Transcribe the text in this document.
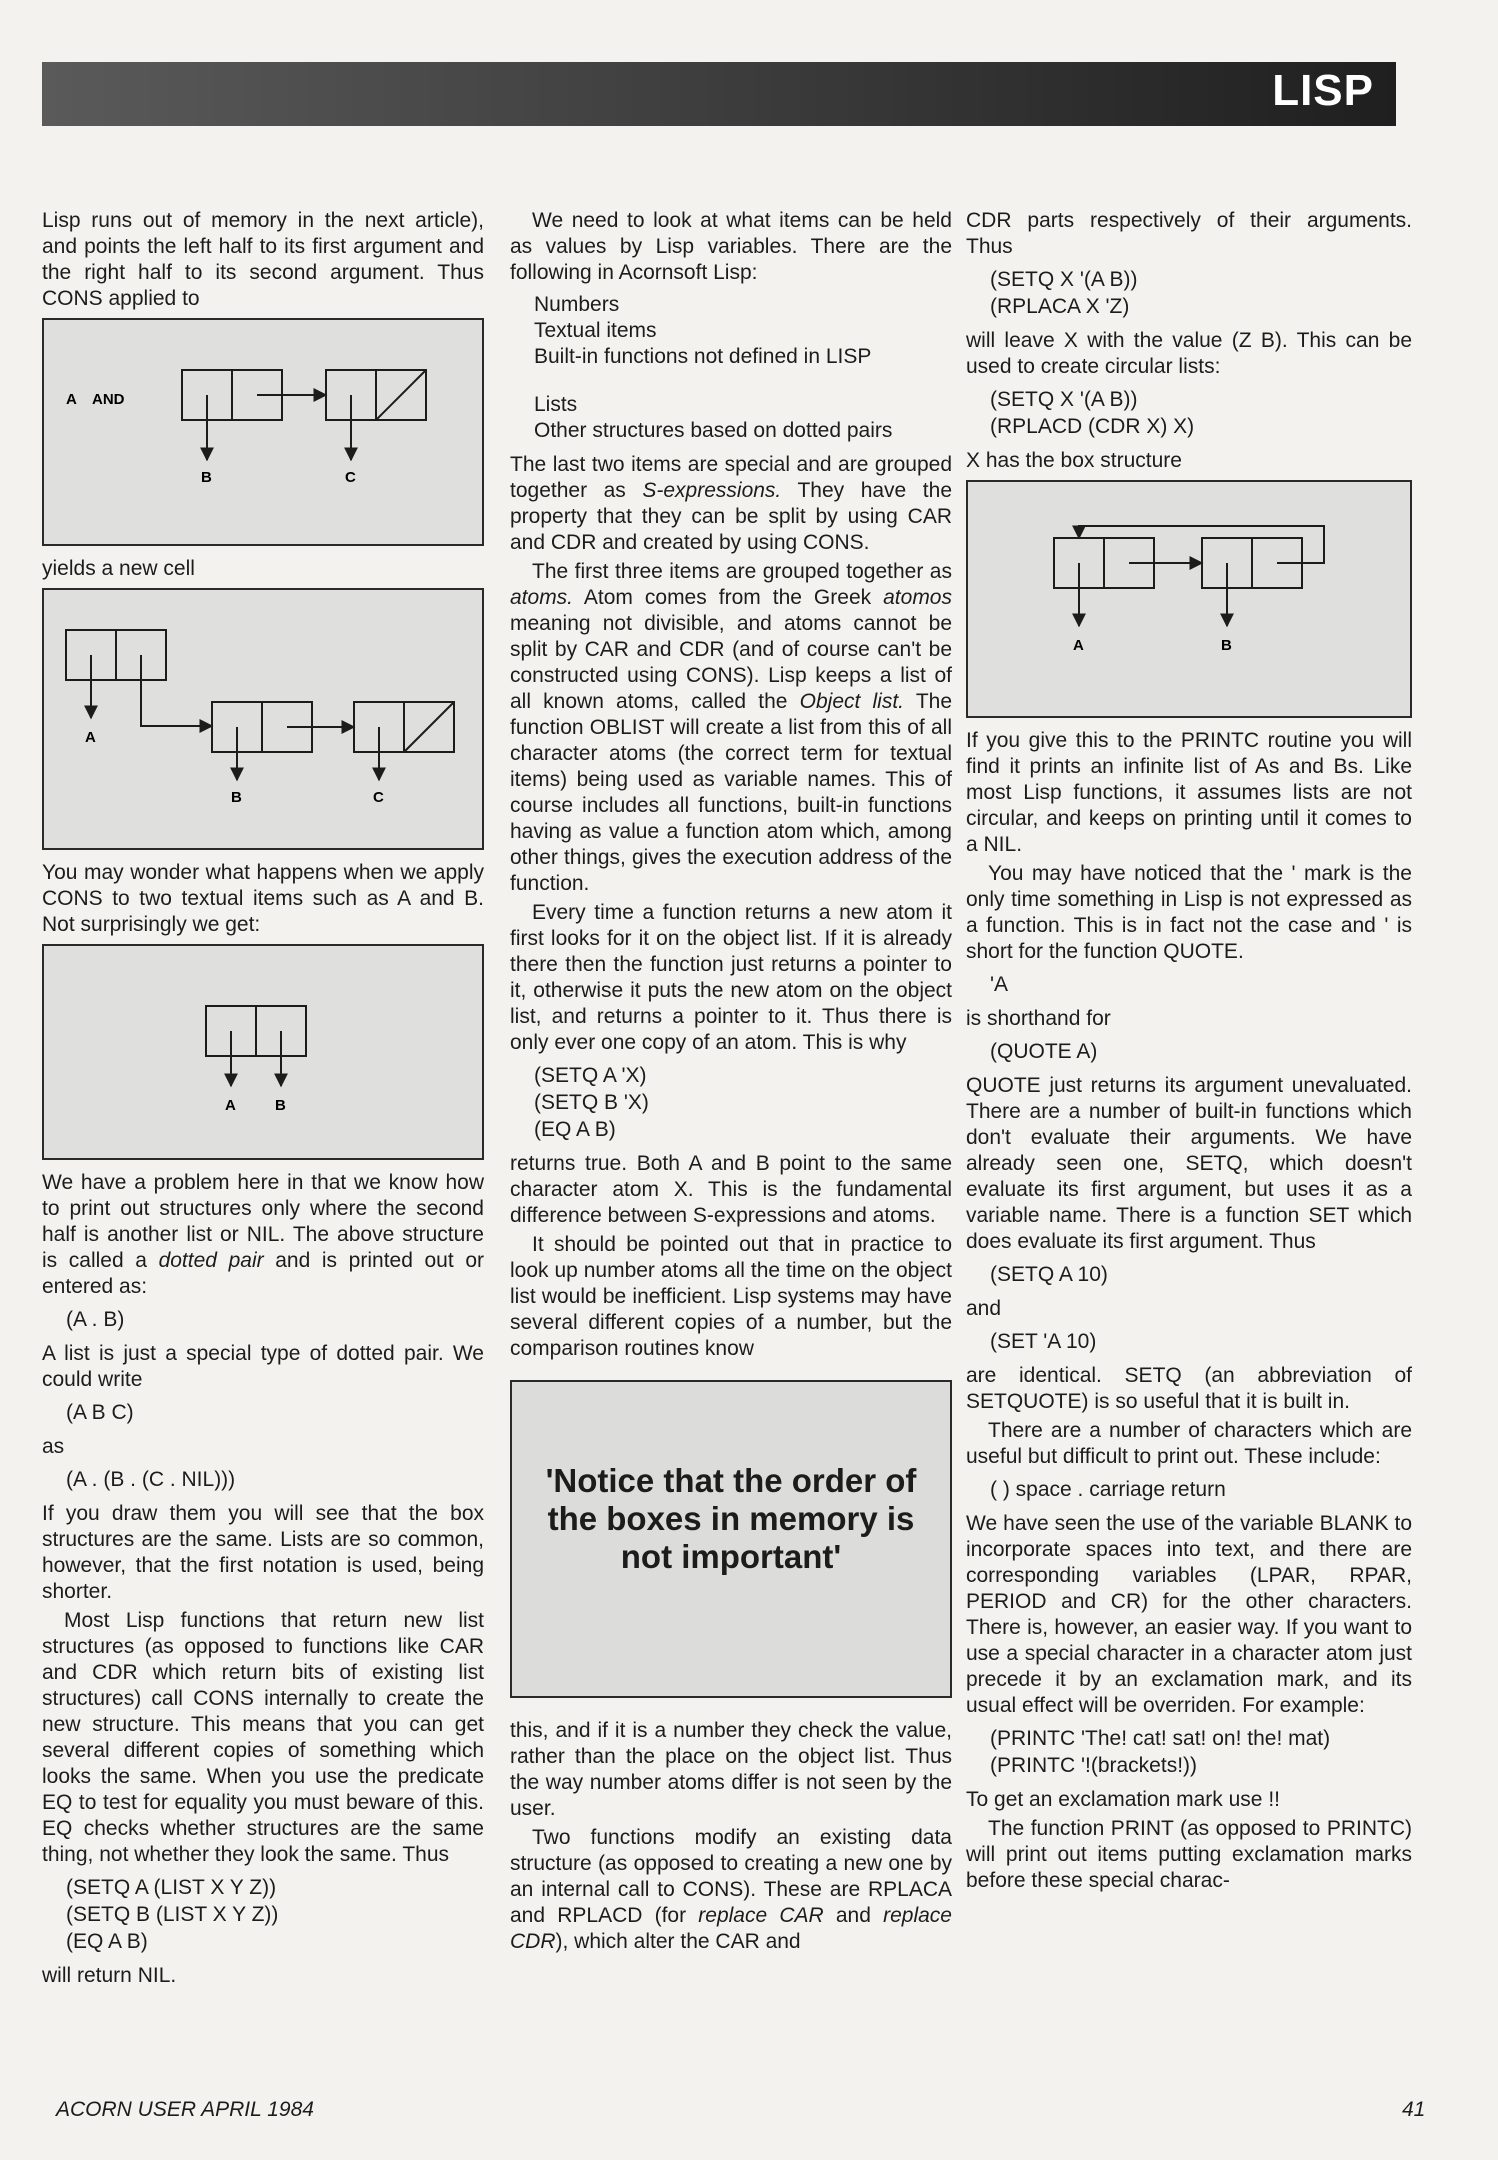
LISP

Lisp runs out of memory in the next article), and points the left half to its first argument and the right half to its second argument. Thus CONS applied to

A AND
B	C

yields a new cell

A
B	C

You may wonder what happens when we apply CONS to two textual items such as A and B. Not surprisingly we get:

A	B

We have a problem here in that we know how to print out structures only where the second half is another list or NIL. The above structure is called a dotted pair and is printed out or entered as:

(A . B)

A list is just a special type of dotted pair. We could write

(A B C)

as

(A . (B . (C . NIL)))

If you draw them you will see that the box structures are the same. Lists are so common, however, that the first notation is used, being shorter.

Most Lisp functions that return new list structures (as opposed to functions like CAR and CDR which return bits of existing list structures) call CONS internally to create the new structure. This means that you can get several different copies of something which looks the same. When you use the predicate EQ to test for equality you must beware of this. EQ checks whether structures are the same thing, not whether they look the same. Thus

(SETQ A (LIST X Y Z))
(SETQ B (LIST X Y Z))
(EQ A B)

will return NIL.

We need to look at what items can be held as values by Lisp variables. There are the following in Acornsoft Lisp:

Numbers
Textual items
Built-in functions not defined in LISP
Lists
Other structures based on dotted pairs

The last two items are special and are grouped together as S-expressions. They have the property that they can be split by using CAR and CDR and created by using CONS.

The first three items are grouped together as atoms. Atom comes from the Greek atomos meaning not divisible, and atoms cannot be split by CAR and CDR (and of course can't be constructed using CONS). Lisp keeps a list of all known atoms, called the Object list. The function OBLIST will create a list from this of all character atoms (the correct term for textual items) being used as variable names. This of course includes all functions, built-in functions having as value a function atom which, among other things, gives the execution address of the function.

Every time a function returns a new atom it first looks for it on the object list. If it is already there then the function just returns a pointer to it, otherwise it puts the new atom on the object list, and returns a pointer to it. Thus there is only ever one copy of an atom. This is why

(SETQ A 'X)
(SETQ B 'X)
(EQ A B)

returns true. Both A and B point to the same character atom X. This is the fundamental difference between S-expressions and atoms.

It should be pointed out that in practice to look up number atoms all the time on the object list would be inefficient. Lisp systems may have several different copies of a number, but the comparison routines know

'Notice that the order of the boxes in memory is not important'

this, and if it is a number they check the value, rather than the place on the object list. Thus the way number atoms differ is not seen by the user.

Two functions modify an existing data structure (as opposed to creating a new one by an internal call to CONS). These are RPLACA and RPLACD (for replace CAR and replace CDR), which alter the CAR and

CDR parts respectively of their arguments. Thus

(SETQ X '(A B))
(RPLACA X 'Z)

will leave X with the value (Z B). This can be used to create circular lists:

(SETQ X '(A B))
(RPLACD (CDR X) X)

X has the box structure

A	B

If you give this to the PRINTC routine you will find it prints an infinite list of As and Bs. Like most Lisp functions, it assumes lists are not circular, and keeps on printing until it comes to a NIL.

You may have noticed that the ' mark is the only time something in Lisp is not expressed as a function. This is in fact not the case and ' is short for the function QUOTE.

'A

is shorthand for

(QUOTE A)

QUOTE just returns its argument unevaluated. There are a number of built-in functions which don't evaluate their arguments. We have already seen one, SETQ, which doesn't evaluate its first argument, but uses it as a variable name. There is a function SET which does evaluate its first argument. Thus

(SETQ A 10)

and

(SET 'A 10)

are identical. SETQ (an abbreviation of SETQUOTE) is so useful that it is built in.

There are a number of characters which are useful but difficult to print out. These include:

( ) space . carriage return

We have seen the use of the variable BLANK to incorporate spaces into text, and there are corresponding variables (LPAR, RPAR, PERIOD and CR) for the other characters. There is, however, an easier way. If you want to use a special character in a character atom just precede it by an exclamation mark, and its usual effect will be overriden. For example:

(PRINTC 'The! cat! sat! on! the! mat)
(PRINTC '!(brackets!))

To get an exclamation mark use !!

The function PRINT (as opposed to PRINTC) will print out items putting exclamation marks before these special charac-

ACORN USER APRIL 1984	41
